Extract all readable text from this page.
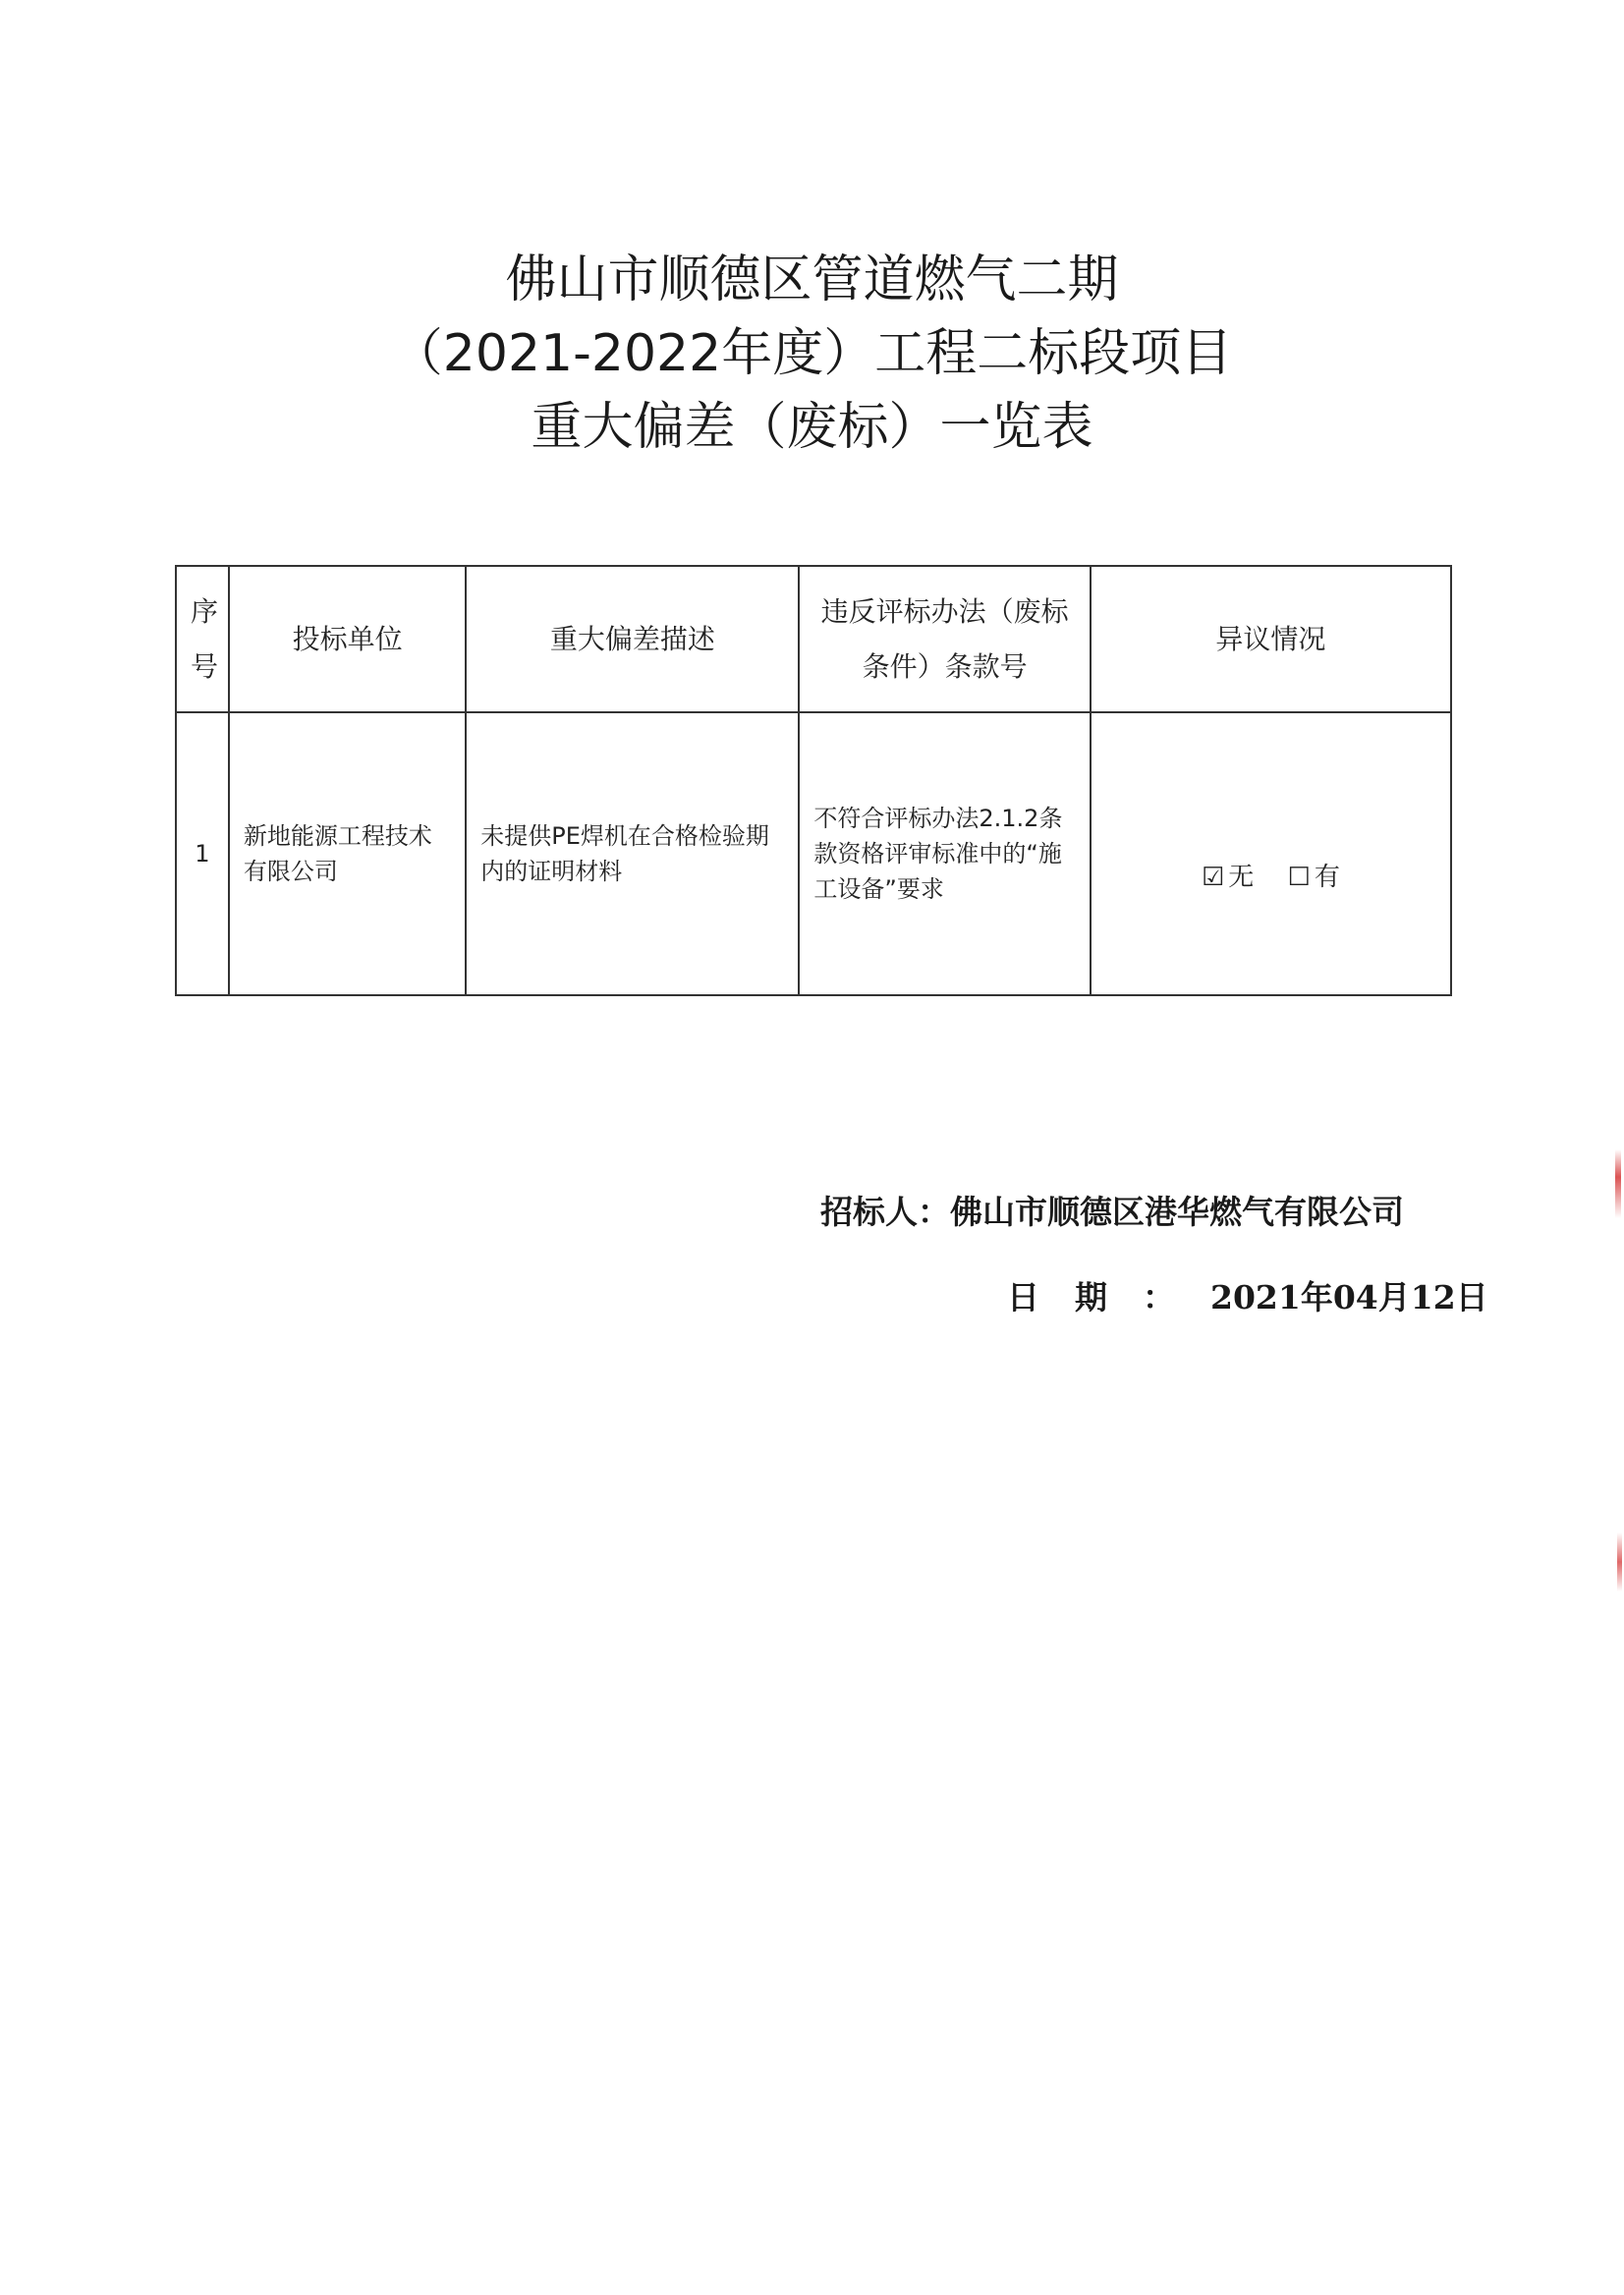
佛山市顺德区管道燃气二期
（2021-2022年度）工程二标段项目
重大偏差（废标）一览表
序号	投标单位	重大偏差描述	违反评标办法（废标条件）条款号	异议情况
1	新地能源工程技术有限公司	未提供PE焊机在合格检验期内的证明材料	不符合评标办法2.1.2条款资格评审标准中的“施工设备”要求	☑ 无 ☐ 有
招标人：佛山市顺德区港华燃气有限公司
日期：2021年04月12日
